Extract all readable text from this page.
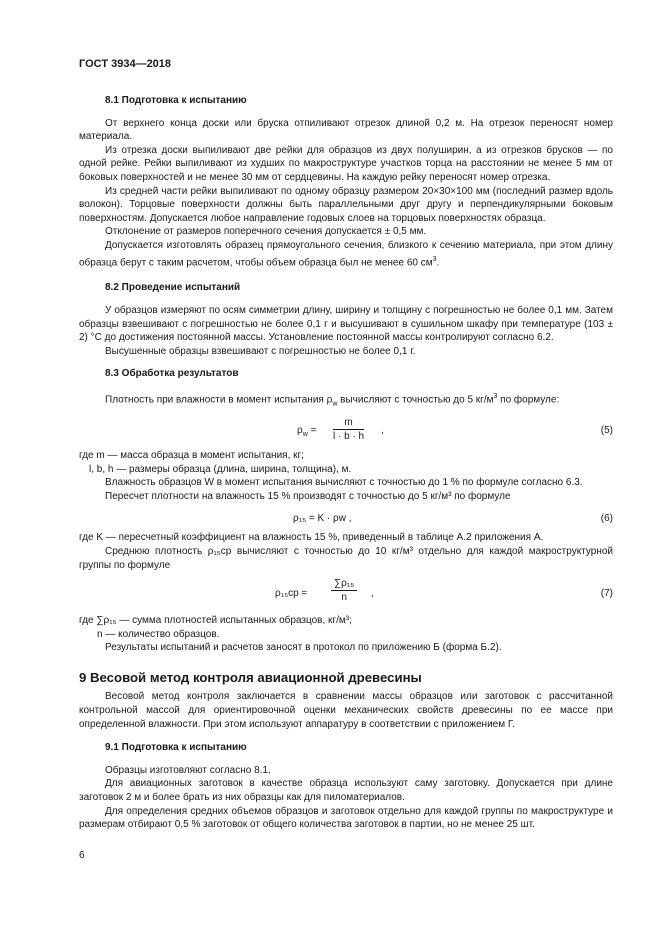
ГОСТ 3934—2018
8.1 Подготовка к испытанию

От верхнего конца доски или бруска отпиливают отрезок длиной 0,2 м. На отрезок переносят номер материала.

Из отрезка доски выпиливают две рейки для образцов из двух полуширин, а из отрезков брусков — по одной рейке. Рейки выпиливают из худших по макроструктуре участков торца на расстоянии не менее 5 мм от боковых поверхностей и не менее 30 мм от сердцевины. На каждую рейку переносят номер отрезка.

Из средней части рейки выпиливают по одному образцу размером 20×30×100 мм (последний размер вдоль волокон). Торцовые поверхности должны быть параллельными друг другу и перпендикулярными боковым поверхностям. Допускается любое направление годовых слоев на торцовых поверхностях образца.

Отклонение от размеров поперечного сечения допускается ± 0,5 мм.

Допускается изготовлять образец прямоугольного сечения, близкого к сечению материала, при этом длину образца берут с таким расчетом, чтобы объем образца был не менее 60 $см^3$.

8.2 Проведение испытаний

У образцов измеряют по осям симметрии длину, ширину и толщину с погрешностью не более 0,1 мм. Затем образцы взвешивают с погрешностью не более 0,1 г и высушивают в сушильном шкафу при температуре (103 ± 2) °С до достижения постоянной массы. Установление постоянной массы контролируют согласно 6.2.

Высушенные образцы взвешивают с погрешностью не более 0,1 г.

8.3 Обработка результатов

Плотность при влажности в момент испытания $\rho_w$ вычисляют с точностью до 5 $кг/м^3$ по формуле:

$\rho_w = \frac{m}{l \cdot b \cdot h}$ ,	(5)

где m — масса образца в момент испытания, кг;

l, b, h — размеры образца (длина, ширина, толщина), м.

Влажность образцов W в момент испытания вычисляют с точностью до 1 % по формуле согласно 6.3.

Пересчет плотности на влажность 15 % производят с точностью до 5 кг/м³ по формуле

ρ₁₅ = K · ρw ,	(6)

где K — пересчетный коэффициент на влажность 15 %, приведенный в таблице А.2 приложения А.

Среднюю плотность ρ₁₅ср вычисляют с точностью до 10 кг/м³ отдельно для каждой макроструктурной группы по формуле

$\rho_{15}ср = \frac{\text{∑ρ₁₅}}{n}$ ,	(7)

где ∑ρ₁₅ — сумма плотностей испытанных образцов, кг/м³;

n — количество образцов.

Результаты испытаний и расчетов заносят в протокол по приложению Б (форма Б.2).

9 Весовой метод контроля авиационной древесины

Весовой метод контроля заключается в сравнении массы образцов или заготовок с рассчитанной контрольной массой для ориентировочной оценки механических свойств древесины по ее массе при определенной влажности. При этом используют аппаратуру в соответствии с приложением Г.

9.1 Подготовка к испытанию

Образцы изготовляют согласно 8.1.

Для авиационных заготовок в качестве образца используют саму заготовку. Допускается при длине заготовок 2 м и более брать из них образцы как для пиломатериалов.

Для определения средних объемов образцов и заготовок отдельно для каждой группы по макроструктуре и размерам отбирают 0,5 % заготовок от общего количества заготовок в партии, но не менее 25 шт.

6
